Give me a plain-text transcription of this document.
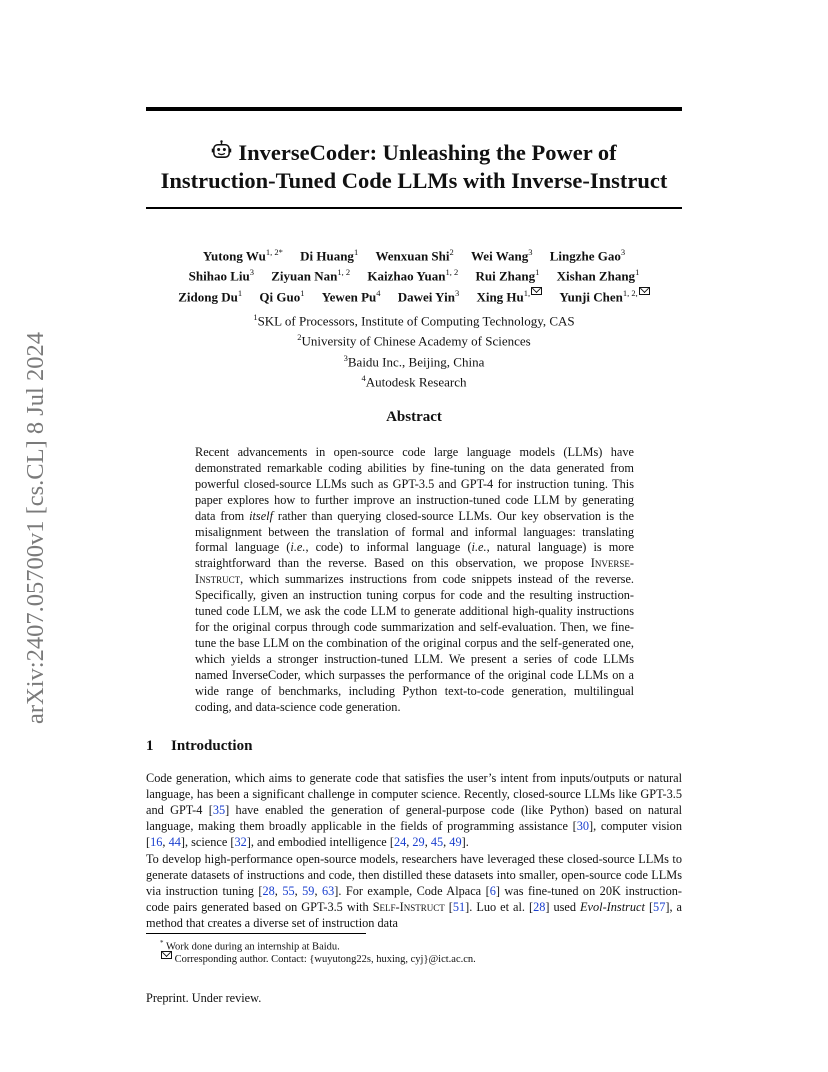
arXiv:2407.05700v1 [cs.CL] 8 Jul 2024
InverseCoder: Unleashing the Power of
Instruction-Tuned Code LLMs with Inverse-Instruct
Yutong $Wu^{1, 2*}$ Di Huang$^1$ Wenxuan Shi$^2$ Wei Wang$^3$ Lingzhe Gao$^3$
Shihao Liu$^3$ Ziyuan Nan$^{1, 2}$ Kaizhao Yuan$^{1, 2}$ Rui Zhang$^1$ Xishan Zhang$^1$
Zidong Du$^1$ Qi Guo$^1$ Yewen Pu$^4$ Dawei Yin$^3$ Xing $Hu^{1,}$ Yunji Chen$^{1, 2,}$
$^1$SKL of Processors, Institute of Computing Technology, CAS
$^2$University of Chinese Academy of Sciences
$^3$Baidu Inc., Beijing, China
$^4$Autodesk Research
Abstract
Recent advancements in open-source code large language models (LLMs) have demonstrated remarkable coding abilities by fine-tuning on the data generated from powerful closed-source LLMs such as GPT-3.5 and GPT-4 for instruction tuning. This paper explores how to further improve an instruction-tuned code LLM by generating data from itself rather than querying closed-source LLMs. Our key observation is the misalignment between the translation of formal and informal languages: translating formal language (i.e., code) to informal language (i.e., natural language) is more straightforward than the reverse. Based on this observation, we propose Inverse-Instruct, which summarizes instructions from code snippets instead of the reverse. Specifically, given an instruction tuning corpus for code and the resulting instruction-tuned code LLM, we ask the code LLM to generate additional high-quality instructions for the original corpus through code summarization and self-evaluation. Then, we fine-tune the base LLM on the combination of the original corpus and the self-generated one, which yields a stronger instruction-tuned LLM. We present a series of code LLMs named InverseCoder, which surpasses the performance of the original code LLMs on a wide range of benchmarks, including Python text-to-code generation, multilingual coding, and data-science code generation.
1 Introduction
Code generation, which aims to generate code that satisfies the user’s intent from inputs/outputs or natural language, has been a significant challenge in computer science. Recently, closed-source LLMs like GPT-3.5 and GPT-4 [35] have enabled the generation of general-purpose code (like Python) based on natural language, making them broadly applicable in the fields of programming assistance [30], computer vision [16, 44], science [32], and embodied intelligence [24, 29, 45, 49].
To develop high-performance open-source models, researchers have leveraged these closed-source LLMs to generate datasets of instructions and code, then distilled these datasets into smaller, open-source code LLMs via instruction tuning [28, 55, 59, 63]. For example, Code Alpaca [6] was fine-tuned on 20K instruction-code pairs generated based on GPT-3.5 with Self-Instruct [51]. Luo et al. [28] used Evol-Instruct [57], a method that creates a diverse set of instruction data
* Work done during an internship at Baidu.
Corresponding author. Contact: {wuyutong22s, huxing, cyj}@ict.ac.cn.
Preprint. Under review.
